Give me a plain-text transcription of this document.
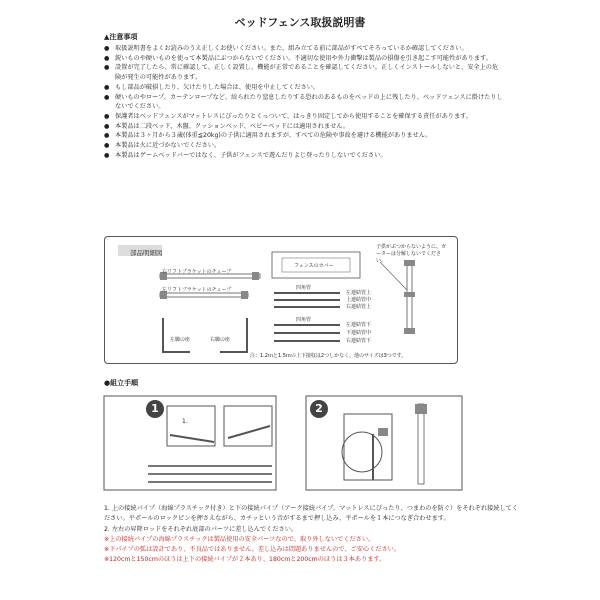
ベッドフェンス取扱説明書
▲注意事項
● 取扱説明書をよくお読みのうえ正しくお使いください。また、組み立てる前に部品がすべてそろっているか確認してください。
● 鋭いものや硬いものを使って本製品にぶつからないでください。不適切な使用や外力衝撃は製品の損傷を引き起こす可能性があります。
● 設置が完了したら、常に確認して、正しく設置し、機能が正常であることを確認してください。正しくインストールしないと、安全上の危険が発生の可能性があります。
● もし部品が破損したり、欠けたりした場合は、使用を中止してください。
● 硬いものやロープ、カーテンロープなど、絞られたり窒息したりする恐れのあるものをベッドの上に残したり、ベッドフェンスに掛けたりしないでください。
● 保護者はベッドフェンスがマットレスにぴったりとくっついて、はっきり固定してから使用することを確保する責任があります。
● 本製品は二段ベッド、木盤、クッションベッド、ベビーベッドには適用されません。
● 本製品は３ヶ月から３歳(体重≦20kg)の子供に適用されますが、すべての危険や事故を避ける機能がありません。
● 本製品は火に近づかないでください。
● 本製品はゲームベッドバーではなく、子供がフェンスで遊んだりよじ登ったりしないでください。
部品明細図
右リフトブラケットのチューブ
左リフトブラケットのチューブ
左脚の座	右脚の座
フェンスのカバー
四角管
四角管
左連結管上
上連結管中
右連結管上
左連結管下
下連結管中
右連結管下
子供がぶつからないように、ガーターは分解しないでください。
注：1.2ｍと1.5ｍの上下接収は2つしかなく、他のサイズは3つです。
●組立手順
1	2
1.
1. 上の接続パイプ（海綿プラスチック付き）と下の接続パイプ（アーク接続パイプ、マットレスにぴったり、つまわのを防ぐ）をそれぞれ接続してください。平ポールのロックピンを押さえながら、カチッという音がするまで押し込み、平ポールを１本につなぎ合わせます。
2. 左右の昇降ロッドをそれぞれ底部のパーツに差し込んでください。
※上の接続パイプの海綿プラスチックは製品使用の安全パーツなので、取り外しないでください。
※下パイプの弧は設計であり、不良品ではありません。差し込みは問題ありませんので、ご安心ください。
※120cmと150cmのほうは上下の接続パイプが２本あり、180cmと200cmのほうは３本あります。
